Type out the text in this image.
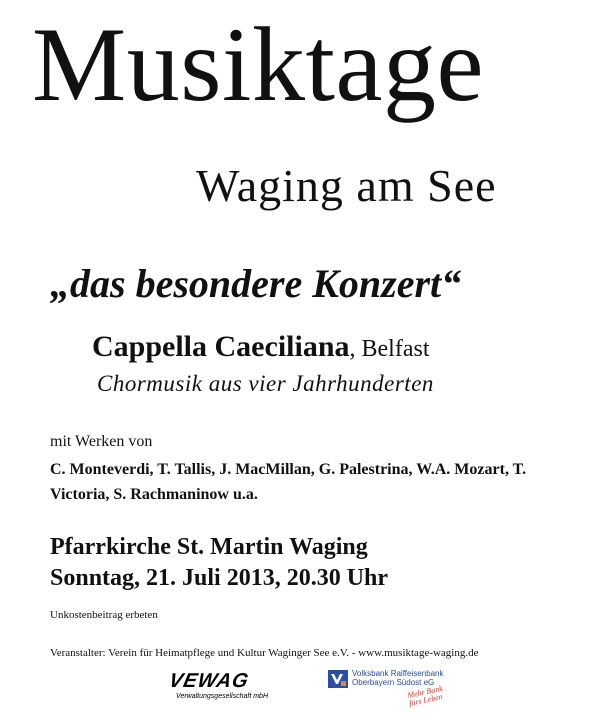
Musiktage
Waging am See
„das besondere Konzert“
Cappella Caeciliana, Belfast
Chormusik aus vier Jahrhunderten
mit Werken von
C. Monteverdi, T. Tallis, J. MacMillan, G. Palestrina, W.A. Mozart, T. Victoria, S. Rachmaninow u.a.
Pfarrkirche St. Martin Waging
Sonntag, 21. Juli 2013, 20.30 Uhr
Unkostenbeitrag erbeten
Veranstalter: Verein für Heimatpflege und Kultur Waginger See e.V. - www.musiktage-waging.de
VEWAG
Verwaltungsgesellschaft mbH
Volksbank Raiffeisenbank
Oberbayern Südost eG
Mehr Bank fürs Leben
